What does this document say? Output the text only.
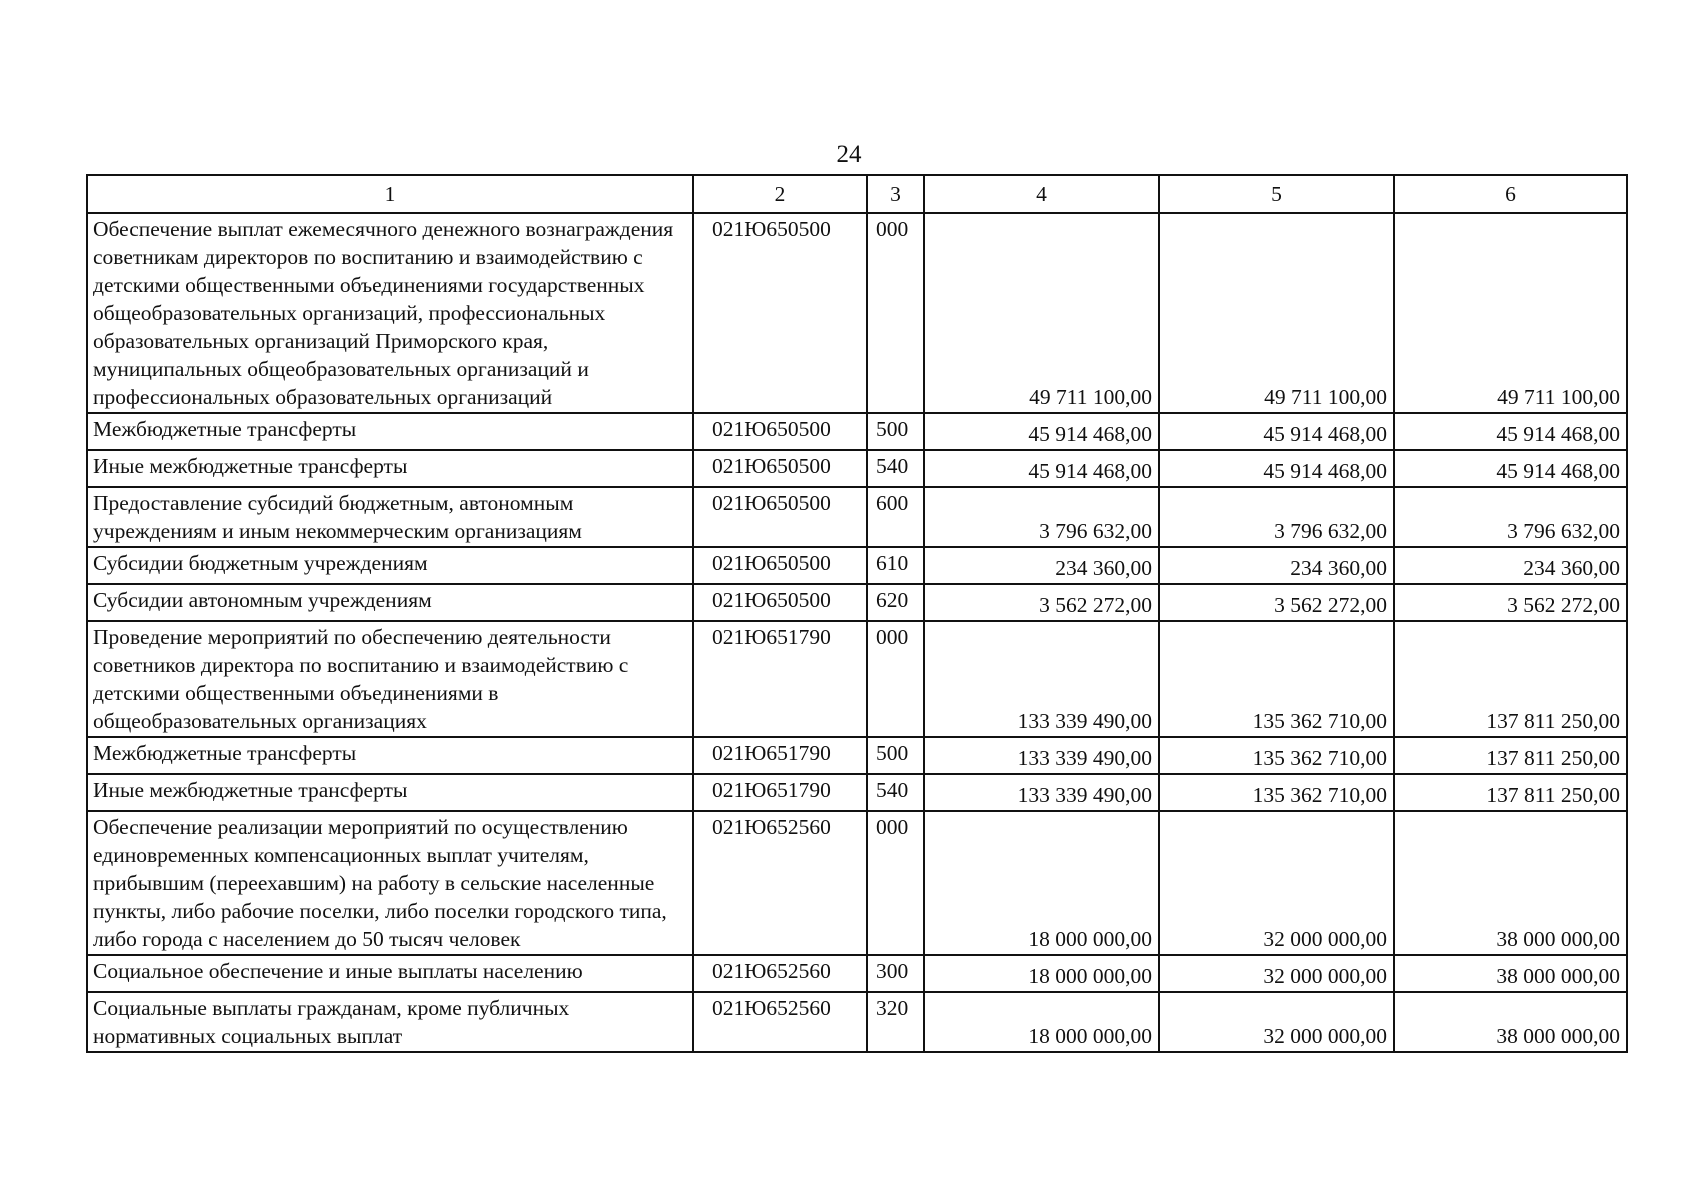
24
1	2	3	4	5	6
Обеспечение выплат ежемесячного денежного вознаграждения советникам директоров по воспитанию и взаимодействию с детскими общественными объединениями государственных общеобразовательных организаций, профессиональных образовательных организаций Приморского края, муниципальных общеобразовательных организаций и профессиональных образовательных организаций	021Ю650500	000	49 711 100,00	49 711 100,00	49 711 100,00
Межбюджетные трансферты	021Ю650500	500	45 914 468,00	45 914 468,00	45 914 468,00
Иные межбюджетные трансферты	021Ю650500	540	45 914 468,00	45 914 468,00	45 914 468,00
Предоставление субсидий бюджетным, автономным учреждениям и иным некоммерческим организациям	021Ю650500	600	3 796 632,00	3 796 632,00	3 796 632,00
Субсидии бюджетным учреждениям	021Ю650500	610	234 360,00	234 360,00	234 360,00
Субсидии автономным учреждениям	021Ю650500	620	3 562 272,00	3 562 272,00	3 562 272,00
Проведение мероприятий по обеспечению деятельности советников директора по воспитанию и взаимодействию с детскими общественными объединениями в общеобразовательных организациях	021Ю651790	000	133 339 490,00	135 362 710,00	137 811 250,00
Межбюджетные трансферты	021Ю651790	500	133 339 490,00	135 362 710,00	137 811 250,00
Иные межбюджетные трансферты	021Ю651790	540	133 339 490,00	135 362 710,00	137 811 250,00
Обеспечение реализации мероприятий по осуществлению единовременных компенсационных выплат учителям, прибывшим (переехавшим) на работу в сельские населенные пункты, либо рабочие поселки, либо поселки городского типа, либо города с населением до 50 тысяч человек	021Ю652560	000	18 000 000,00	32 000 000,00	38 000 000,00
Социальное обеспечение и иные выплаты населению	021Ю652560	300	18 000 000,00	32 000 000,00	38 000 000,00
Социальные выплаты гражданам, кроме публичных нормативных социальных выплат	021Ю652560	320	18 000 000,00	32 000 000,00	38 000 000,00
